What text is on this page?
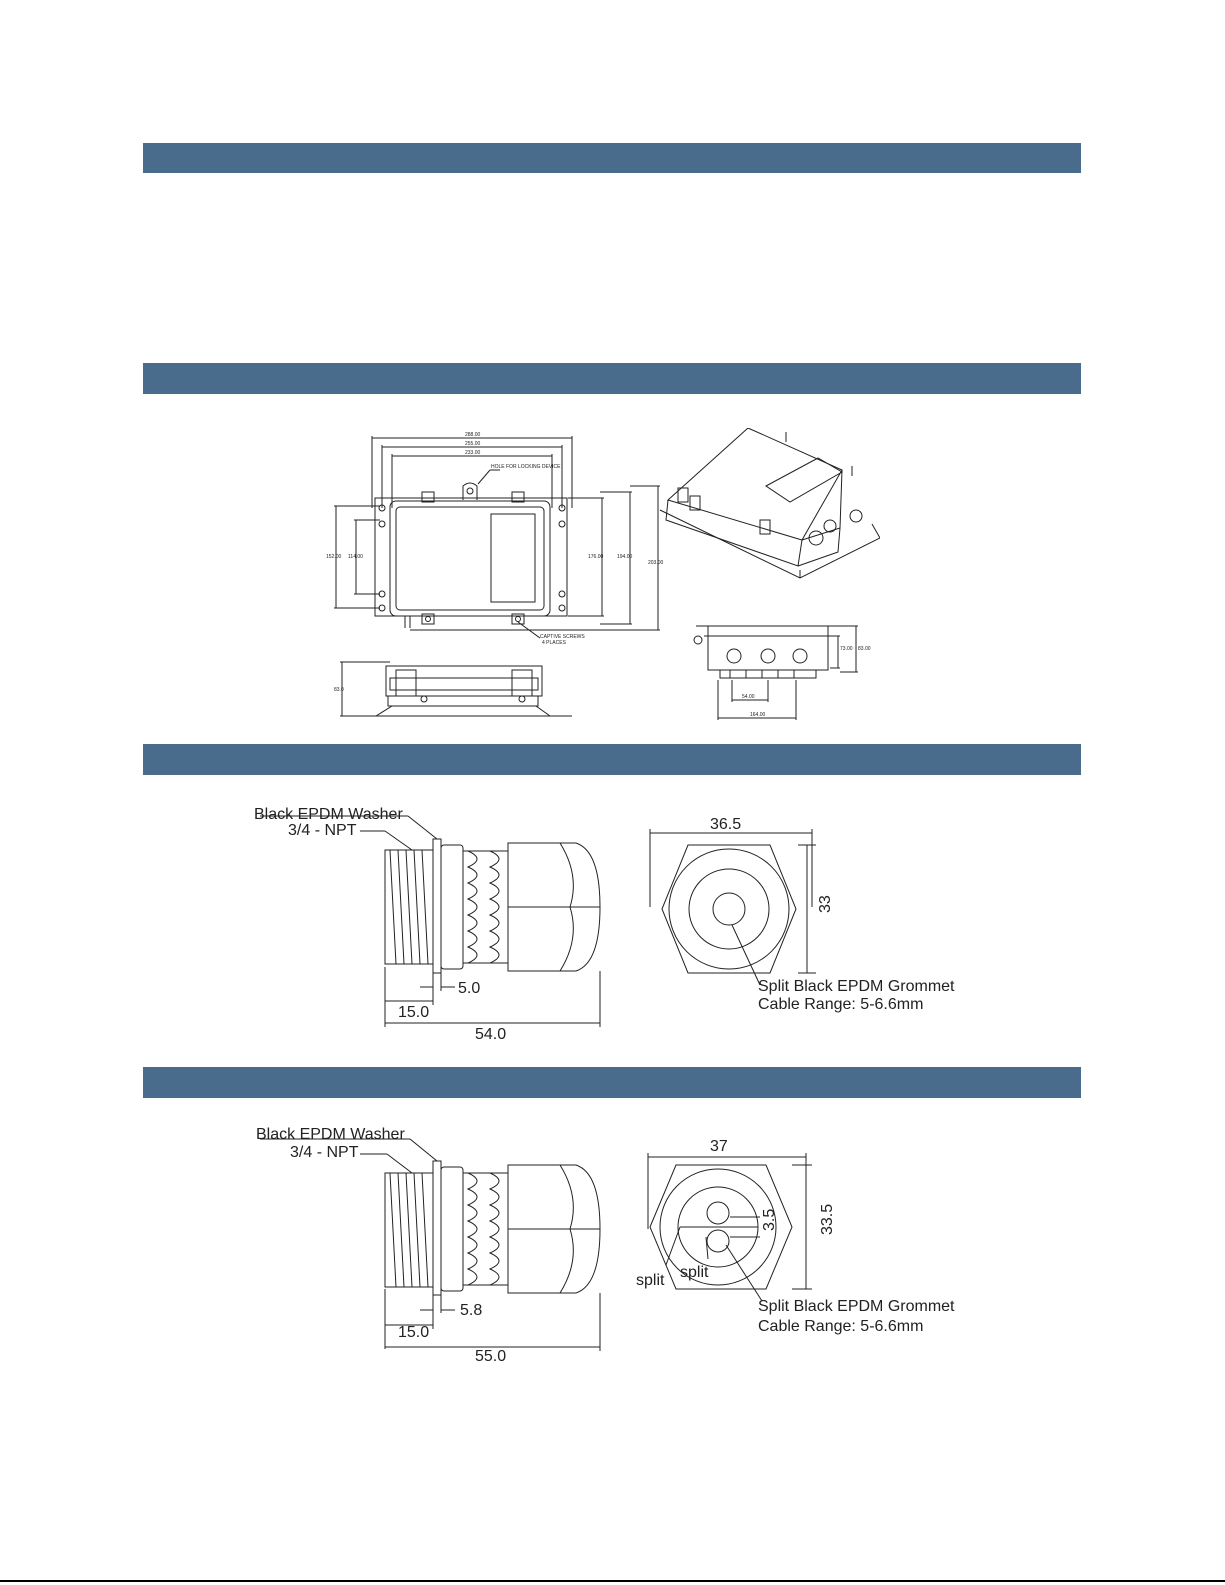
288.00
255.00
233.00
HOLE FOR LOCKING DEVICE
CAPTIVE SCREWS
4 PLACES
152.00 114.00	176.00	194.00
203.00
83.0
73.00 83.00
54.00
164.00
Black EPDM Washer
3/4 - NPT
5.0
15.0
54.0
36.5
33
Split Black EPDM Grommet
Cable Range: 5-6.6mm
Black EPDM Washer
3/4 - NPT
5.8
15.0
55.0
37
33.5
3.5
split split
Split Black EPDM Grommet
Cable Range: 5-6.6mm
